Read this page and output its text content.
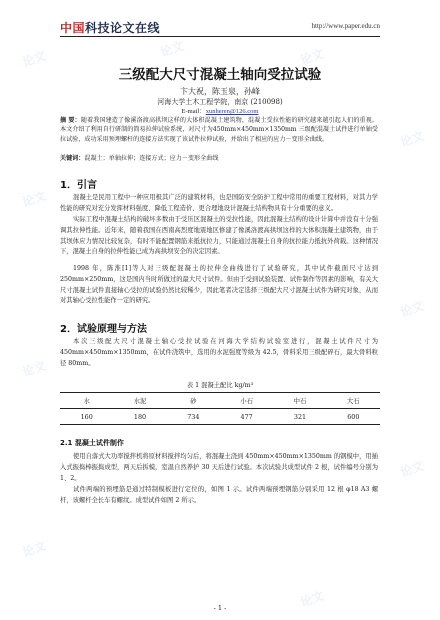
中国科技论文在线	http://www.paper.edu.cn
论文	论文	论文
论文
论文
论文
论文
论文
论文
论文
三级配大尺寸混凝土轴向受拉试验
卞大祝，陈玉泉，孙峰
河海大学土木工程学院，南京 (210098)
E-mail：xunheren@126.com
摘 要：随着我国建造了像溪洛渡高拱坝这样的大体积混凝土建筑物，混凝土受拉性能的研究越来越引起人们的重视。本文介绍了利用自行研制的简易拉伸试验系统，对尺寸为450mm×450mm×1350mm 三级配混凝土试件进行单轴受拉试验，成功采用预埋螺杆的连接方法实现了该试件拉伸试验，并给出了相应的应力－变形全曲线。
关键词：混凝土；单轴拉伸；连接方式；应力－变形全曲线
1．引言
混凝土是民用工程中一种应用极其广泛的建筑材料，也是国防安全防护工程中常用的重要工程材料，对其力学性能的研究对充分发挥材料强度、降低工程造价、更合理地设计混凝土结构物具有十分重要的意义。
实际工程中混凝土结构的破坏多数由于受压区混凝土的受拉性能，因此混凝土结构的设计计算中并没有十分强调其拉伸性能。近年来，随着我国在西南高烈度地震地区修建了像溪洛渡高拱坝这样的大体积混凝土建筑物，由于其坝体应力情况比较复杂，有时不能配置钢筋来抵抗拉力，只能通过混凝土自身的抗拉能力抵抗外荷载。这种情况下，混凝土自身的拉伸性能已成为高拱坝安全的决定因素。
1998 年，陈淮[1]等人对三级配混凝土的拉伸全曲线进行了试验研究，其中试件截面尺寸达到 250mm×250mm，这是国内当时所做过的最大尺寸试件。但由于受到试验装置、试件制作等因素的影响，有关大尺寸混凝土试件直接轴心受拉的试验仍然比较稀少，因此笔者决定选择三级配大尺寸混凝土试件为研究对象，从而对其轴心受拉性能作一定的研究。
2．试验原理与方法
本次三级配大尺寸混凝土轴心受拉试验在河海大学结构试验室进行，混凝土试件尺寸为 450mm×450mm×1350mm，在试件浇筑中，选用的水泥强度等级为 42.5，骨料采用三级配碎石，最大骨料粒径 80mm。
表 1 混凝土配比 kg/m³
水	水泥	砂	小石	中石	大石
160	180	734	477	321	600
2.1 混凝土试件制作
使用自落式大功率搅拌机将原材料搅拌均匀后，将混凝土浇到 450mm×450mm×1350mm 的钢模中，用插入式振捣棒振捣成型，两天后拆模，室温自然养护 30 天后进行试验。本次试验共成型试件 2 根，试件编号分别为 1、2。
试件两端的预埋筋是通过特制模板进行定位的，如图 1 示。试件两端预埋钢筋分别采用 12 根 φ18 A3 螺杆，该螺杆全长车有螺纹。成型试件如图 2 所示。
- 1 -
